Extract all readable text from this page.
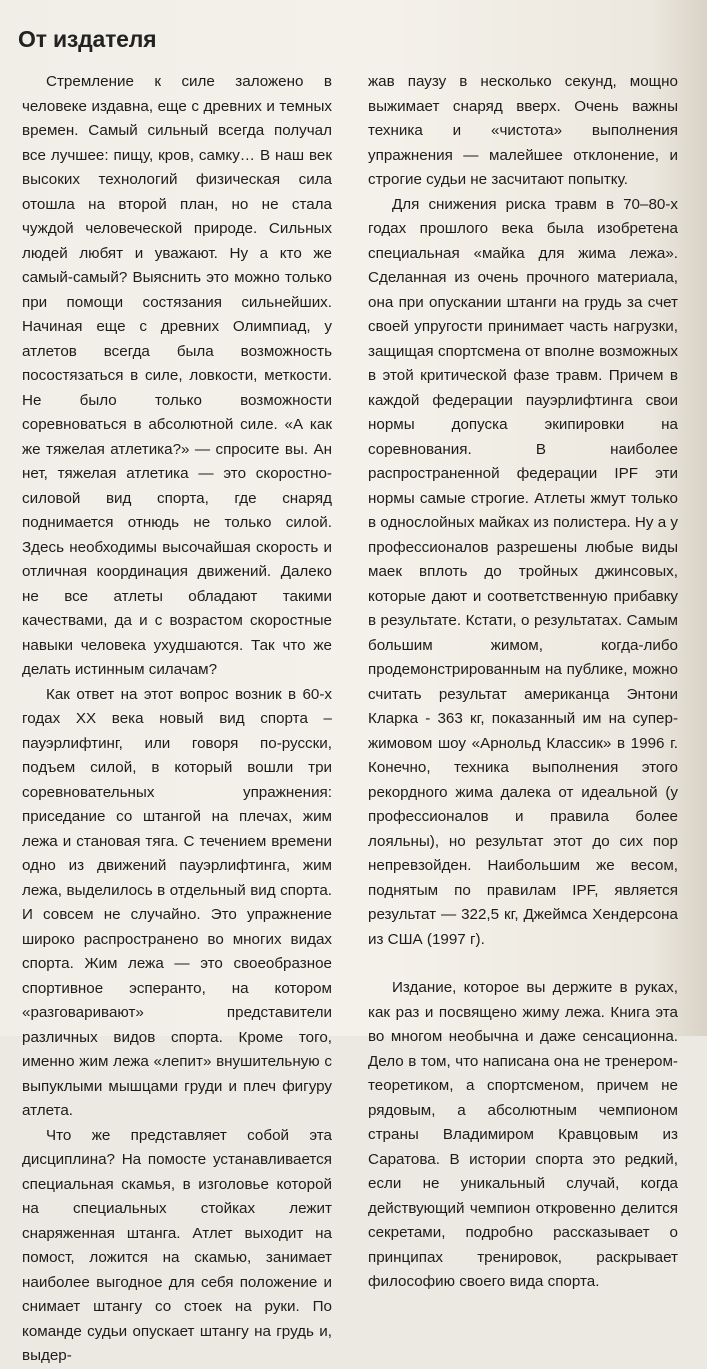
От издателя

Стремление к силе заложено в человеке издавна, еще с древних и темных времен. Самый сильный всегда получал все лучшее: пищу, кров, самку… В наш век высоких технологий физическая сила отошла на второй план, но не стала чуждой человеческой природе. Сильных людей любят и уважают. Ну а кто же самый-самый? Выяснить это можно только при помощи состязания сильнейших. Начиная еще с древних Олимпиад, у атлетов всегда была возможность посостязаться в силе, ловкости, меткости. Не было только возможности соревноваться в абсолютной силе. «А как же тяжелая атлетика?» — спросите вы. Ан нет, тяжелая атлетика — это скоростно-силовой вид спорта, где снаряд поднимается отнюдь не только силой. Здесь необходимы высочайшая скорость и отличная координация движений. Далеко не все атлеты обладают такими качествами, да и с возрастом скоростные навыки человека ухудшаются. Так что же делать истинным силачам?

Как ответ на этот вопрос возник в 60-х годах XX века новый вид спорта – пауэрлифтинг, или говоря по-русски, подъем силой, в который вошли три соревновательных упражнения: приседание со штангой на плечах, жим лежа и становая тяга. С течением времени одно из движений пауэрлифтинга, жим лежа, выделилось в отдельный вид спорта. И совсем не случайно. Это упражнение широко распространено во многих видах спорта. Жим лежа — это своеобразное спортивное эсперанто, на котором «разговаривают» представители различных видов спорта. Кроме того, именно жим лежа «лепит» внушительную с выпуклыми мышцами груди и плеч фигуру атлета.

Что же представляет собой эта дисциплина? На помосте устанавливается специальная скамья, в изголовье которой на специальных стойках лежит снаряженная штанга. Атлет выходит на помост, ложится на скамью, занимает наиболее выгодное для себя положение и снимает штангу со стоек на руки. По команде судьи опускает штангу на грудь и, выдер-

жав паузу в несколько секунд, мощно выжимает снаряд вверх. Очень важны техника и «чистота» выполнения упражнения — малейшее отклонение, и строгие судьи не засчитают попытку.

Для снижения риска травм в 70–80-х годах прошлого века была изобретена специальная «майка для жима лежа». Сделанная из очень прочного материала, она при опускании штанги на грудь за счет своей упругости принимает часть нагрузки, защищая спортсмена от вполне возможных в этой критической фазе травм. Причем в каждой федерации пауэрлифтинга свои нормы допуска экипировки на соревнования. В наиболее распространенной федерации IPF эти нормы самые строгие. Атлеты жмут только в однослойных майках из полистера. Ну а у профессионалов разрешены любые виды маек вплоть до тройных джинсовых, которые дают и соответственную прибавку в результате. Кстати, о результатах. Самым большим жимом, когда-либо продемонстрированным на публике, можно считать результат американца Энтони Кларка - 363 кг, показанный им на супер-жимовом шоу «Арнольд Классик» в 1996 г. Конечно, техника выполнения этого рекордного жима далека от идеальной (у профессионалов и правила более лояльны), но результат этот до сих пор непревзойден. Наибольшим же весом, поднятым по правилам IPF, является результат — 322,5 кг, Джеймса Хендерсона из США (1997 г).

Издание, которое вы держите в руках, как раз и посвящено жиму лежа. Книга эта во многом необычна и даже сенсационна. Дело в том, что написана она не тренером-теоретиком, а спортсменом, причем не рядовым, а абсолютным чемпионом страны Владимиром Кравцовым из Саратова. В истории спорта это редкий, если не уникальный случай, когда действующий чемпион откровенно делится секретами, подробно рассказывает о принципах тренировок, раскрывает философию своего вида спорта.
